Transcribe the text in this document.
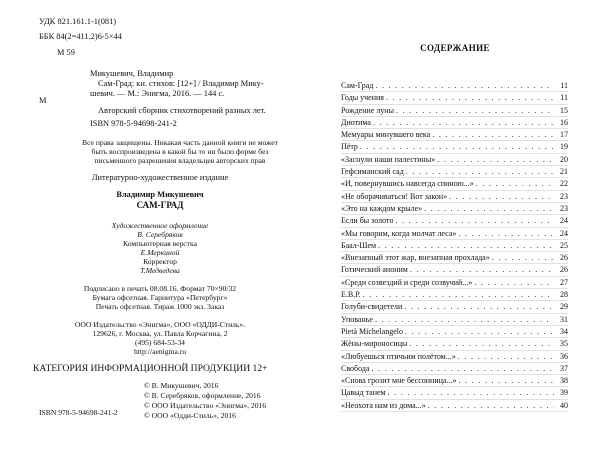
УДК 821.161.1-1(081)
ББК 84(2=411.2)6-5×44
М 59
М
Микушевич, Владимир
Сам-Град: кн. стихов: [12+] / Владимир Мику-
шевич. — М.: Энигма, 2016. — 144 с.
Авторский сборник стихотворений разных лет.
ISBN 978-5-94698-241-2
Все права защищены. Никакая часть данной книги не может
быть воспроизведена в какой бы то ни было форме без
письменного разрешения владельцев авторских прав
Литературно-художественное издание
Владимир Микушевич
САМ-ГРАД
Художественное оформление
В. Серебряков
Компьютерная верстка
Е.Меркиной
Корректор
Т.Медведева
Подписано в печать 08.08.16. Формат 70×90/32
Бумага офсетная. Гарнитура «Петербург»
Печать офсетная. Тираж 1000 экз. Заказ
ООО Издательство «Энигма», ООО «ОДДИ-Стиль».
129626, г. Москва, ул. Павла Корчагина, 2
(495) 684-53-34
http://aenigma.ru
КАТЕГОРИЯ ИНФОРМАЦИОННОЙ ПРОДУКЦИИ 12+
© В. Микушевич, 2016
© В. Серебряков, оформление, 2016
© ООО Издательство «Энигма», 2016
© ООО «Одди-Стиль», 2016
ISBN 978-5-94698-241-2
СОДЕРЖАНИЕ
Сам-Град . . .	11
Годы учения . . .	11
Рождение луны . . .	15
Диотима . . .	16
Мемуары минувшего века . . .	17
Пётр . . .	19
«Заснули наши палестины» . . .	20
Гефсиманский сад . . .	21
«И, повернувшись навсегда спиною...» . . .	22
«Не оборачиваться! Вот закон» . . .	23
«Это на каждом крыле» . . .	23
Если бы золото . . .	24
«Мы говорим, когда молчат леса» . . .	24
Баал-Шем . . .	25
«Внезапный этот жар, внезапная прохлада» . . .	26
Готический аноним . . .	26
«Среди созвездий и среди созвучий...» . . .	27
Е.В.Р. . . .	28
Голуби-свидетели . . .	29
Упованье . . .	31
Pietà Michelangelo . . .	34
Жёны-мироносицы . . .	35
«Любуешься птичьим полётом...» . . .	36
Свобода . . .	37
«Снова грозит мне бессонница...» . . .	38
Цавыд танем . . .	39
«Неохота нам из дома...» . . .	40
